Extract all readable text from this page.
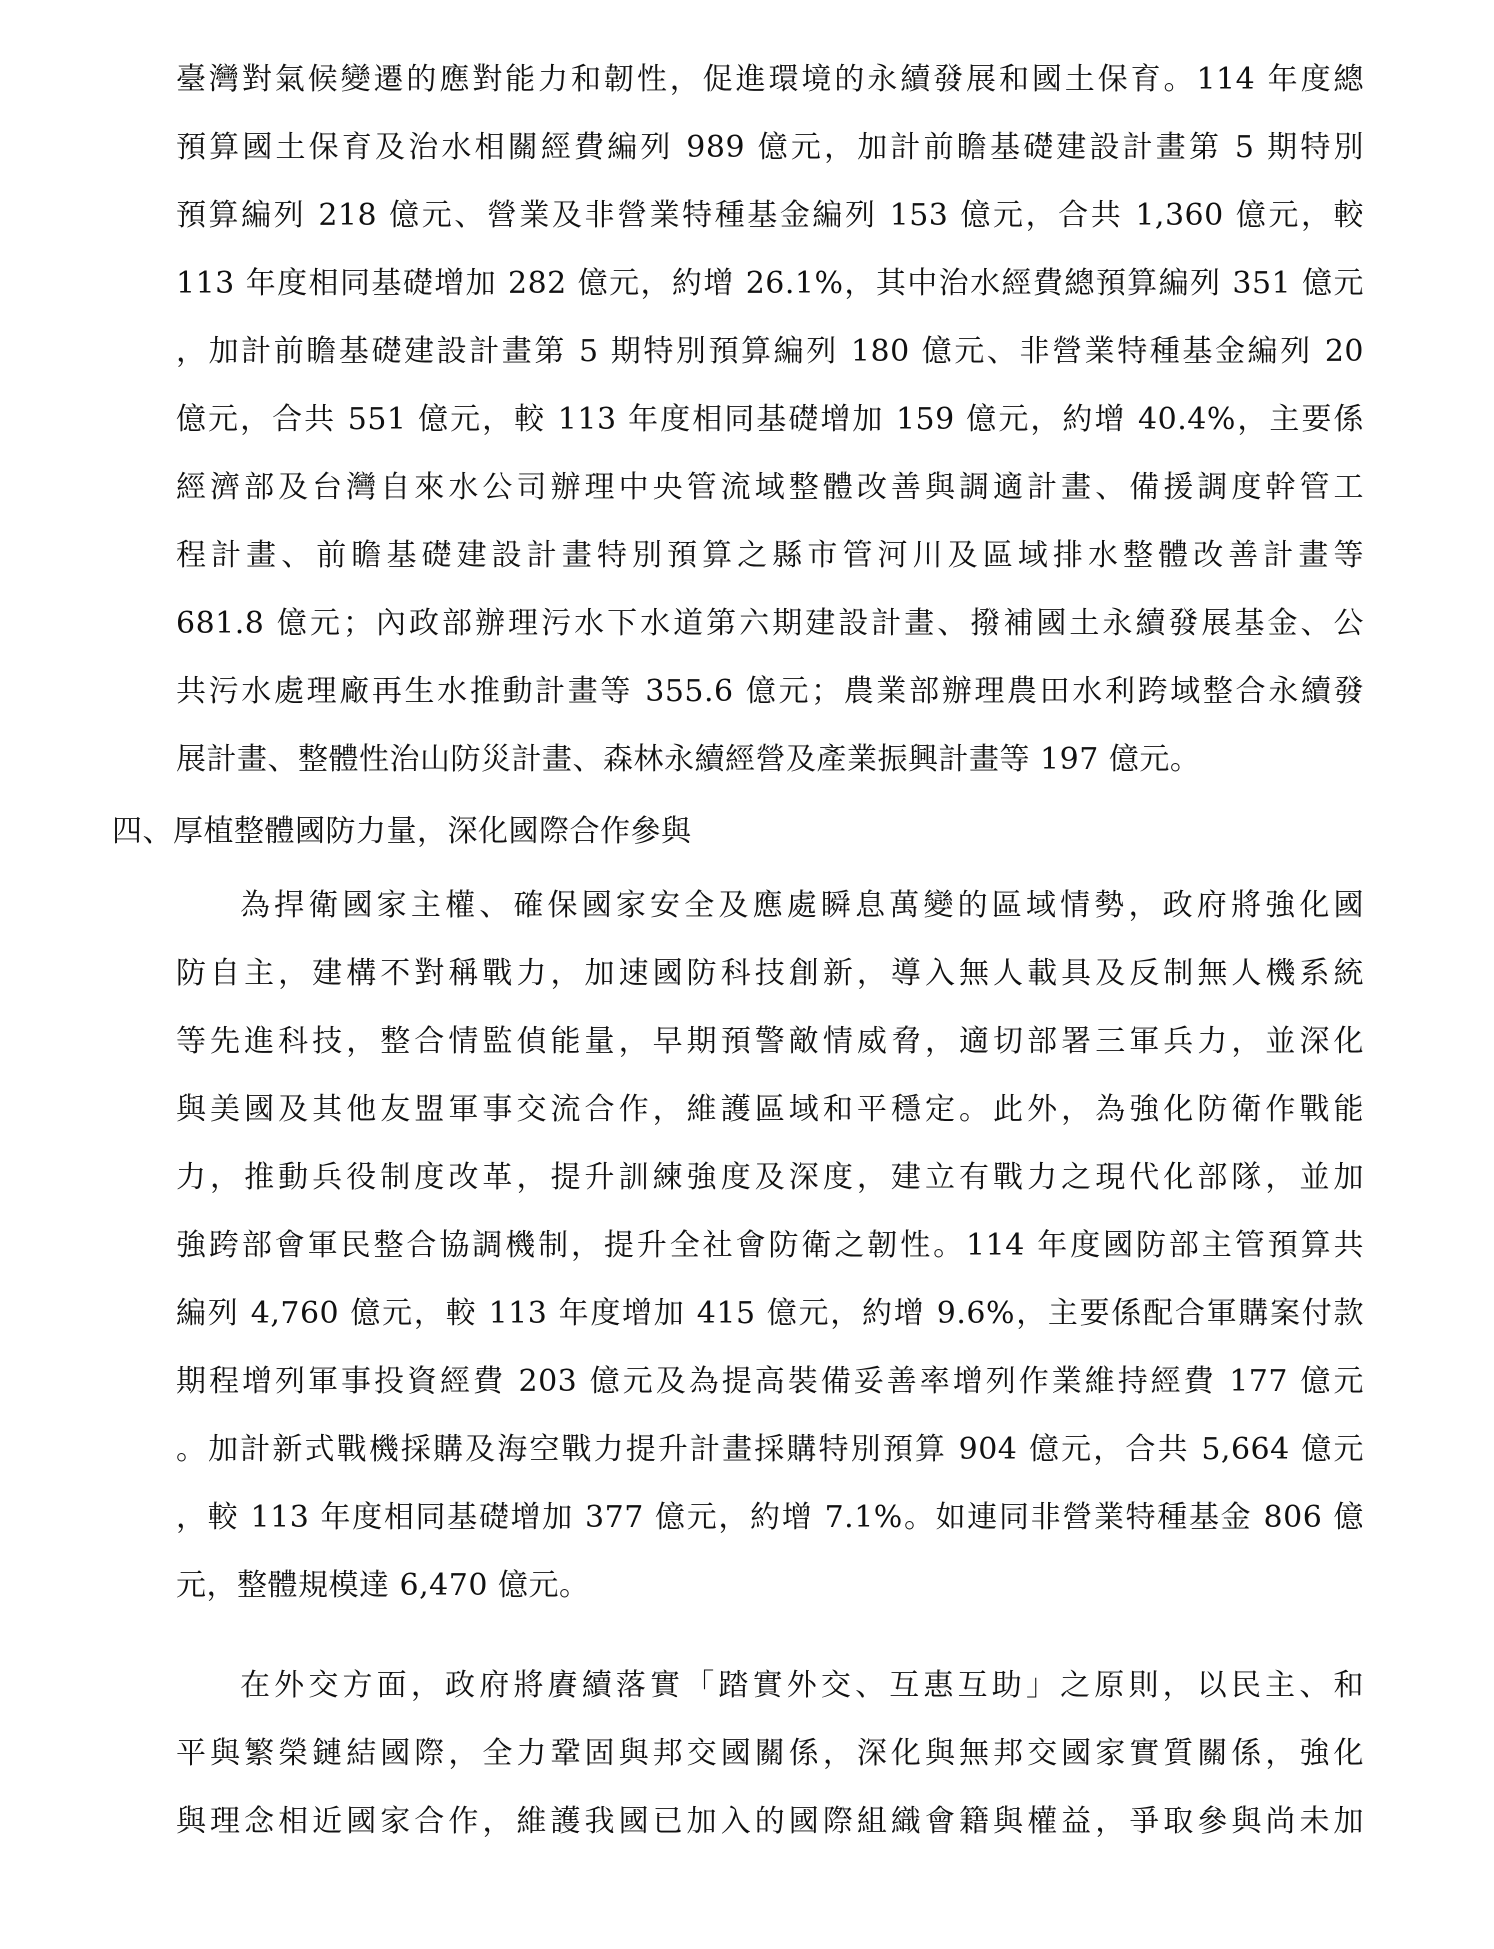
臺灣對氣候變遷的應對能力和韌性，促進環境的永續發展和國土保育。114 年度總
預算國土保育及治水相關經費編列 989 億元，加計前瞻基礎建設計畫第 5 期特別
預算編列 218 億元、營業及非營業特種基金編列 153 億元，合共 1,360 億元，較
113 年度相同基礎增加 282 億元，約增 26.1%，其中治水經費總預算編列 351 億元
，加計前瞻基礎建設計畫第 5 期特別預算編列 180 億元、非營業特種基金編列 20
億元，合共 551 億元，較 113 年度相同基礎增加 159 億元，約增 40.4%，主要係
經濟部及台灣自來水公司辦理中央管流域整體改善與調適計畫、備援調度幹管工
程計畫、前瞻基礎建設計畫特別預算之縣市管河川及區域排水整體改善計畫等
681.8 億元；內政部辦理污水下水道第六期建設計畫、撥補國土永續發展基金、公
共污水處理廠再生水推動計畫等 355.6 億元；農業部辦理農田水利跨域整合永續發
展計畫、整體性治山防災計畫、森林永續經營及產業振興計畫等 197 億元。
四、厚植整體國防力量，深化國際合作參與
為捍衛國家主權、確保國家安全及應處瞬息萬變的區域情勢，政府將強化國
防自主，建構不對稱戰力，加速國防科技創新，導入無人載具及反制無人機系統
等先進科技，整合情監偵能量，早期預警敵情威脅，適切部署三軍兵力，並深化
與美國及其他友盟軍事交流合作，維護區域和平穩定。此外，為強化防衛作戰能
力，推動兵役制度改革，提升訓練強度及深度，建立有戰力之現代化部隊，並加
強跨部會軍民整合協調機制，提升全社會防衛之韌性。114 年度國防部主管預算共
編列 4,760 億元，較 113 年度增加 415 億元，約增 9.6%，主要係配合軍購案付款
期程增列軍事投資經費 203 億元及為提高裝備妥善率增列作業維持經費 177 億元
。加計新式戰機採購及海空戰力提升計畫採購特別預算 904 億元，合共 5,664 億元
，較 113 年度相同基礎增加 377 億元，約增 7.1%。如連同非營業特種基金 806 億
元，整體規模達 6,470 億元。
在外交方面，政府將賡續落實「踏實外交、互惠互助」之原則，以民主、和
平與繁榮鏈結國際，全力鞏固與邦交國關係，深化與無邦交國家實質關係，強化
與理念相近國家合作，維護我國已加入的國際組織會籍與權益，爭取參與尚未加
